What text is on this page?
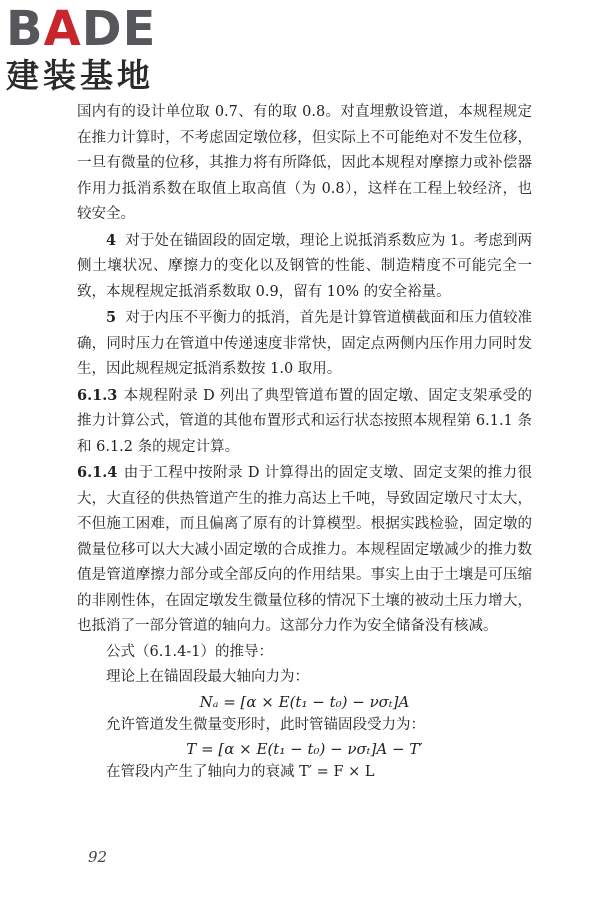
BADE
建装基地

国内有的设计单位取 0.7、有的取 0.8。对直埋敷设管道，本规程规定在推力计算时，不考虑固定墩位移，但实际上不可能绝对不发生位移，一旦有微量的位移，其推力将有所降低，因此本规程对摩擦力或补偿器作用力抵消系数在取值上取高值（为 0.8），这样在工程上较经济，也较安全。

4 对于处在锚固段的固定墩，理论上说抵消系数应为 1。考虑到两侧土壤状况、摩擦力的变化以及钢管的性能、制造精度不可能完全一致，本规程规定抵消系数取 0.9，留有 10% 的安全裕量。

5 对于内压不平衡力的抵消，首先是计算管道横截面和压力值较准确，同时压力在管道中传递速度非常快，固定点两侧内压作用力同时发生，因此规程规定抵消系数按 1.0 取用。

6.1.3 本规程附录 D 列出了典型管道布置的固定墩、固定支架承受的推力计算公式，管道的其他布置形式和运行状态按照本规程第 6.1.1 条和 6.1.2 条的规定计算。

6.1.4 由于工程中按附录 D 计算得出的固定支墩、固定支架的推力很大，大直径的供热管道产生的推力高达上千吨，导致固定墩尺寸太大，不但施工困难，而且偏离了原有的计算模型。根据实践检验，固定墩的微量位移可以大大减小固定墩的合成推力。本规程固定墩减少的推力数值是管道摩擦力部分或全部反向的作用结果。事实上由于土壤是可压缩的非刚性体，在固定墩发生微量位移的情况下土壤的被动土压力增大，也抵消了一部分管道的轴向力。这部分力作为安全储备没有核减。

公式（6.1.4-1）的推导：

理论上在锚固段最大轴向力为：

Nₐ = [α × E(t₁ − t₀) − νσₜ]A

允许管道发生微量变形时，此时管锚固段受力为：

T = [α × E(t₁ − t₀) − νσₜ]A − T′

在管段内产生了轴向力的衰减 T′ = F × L

92
